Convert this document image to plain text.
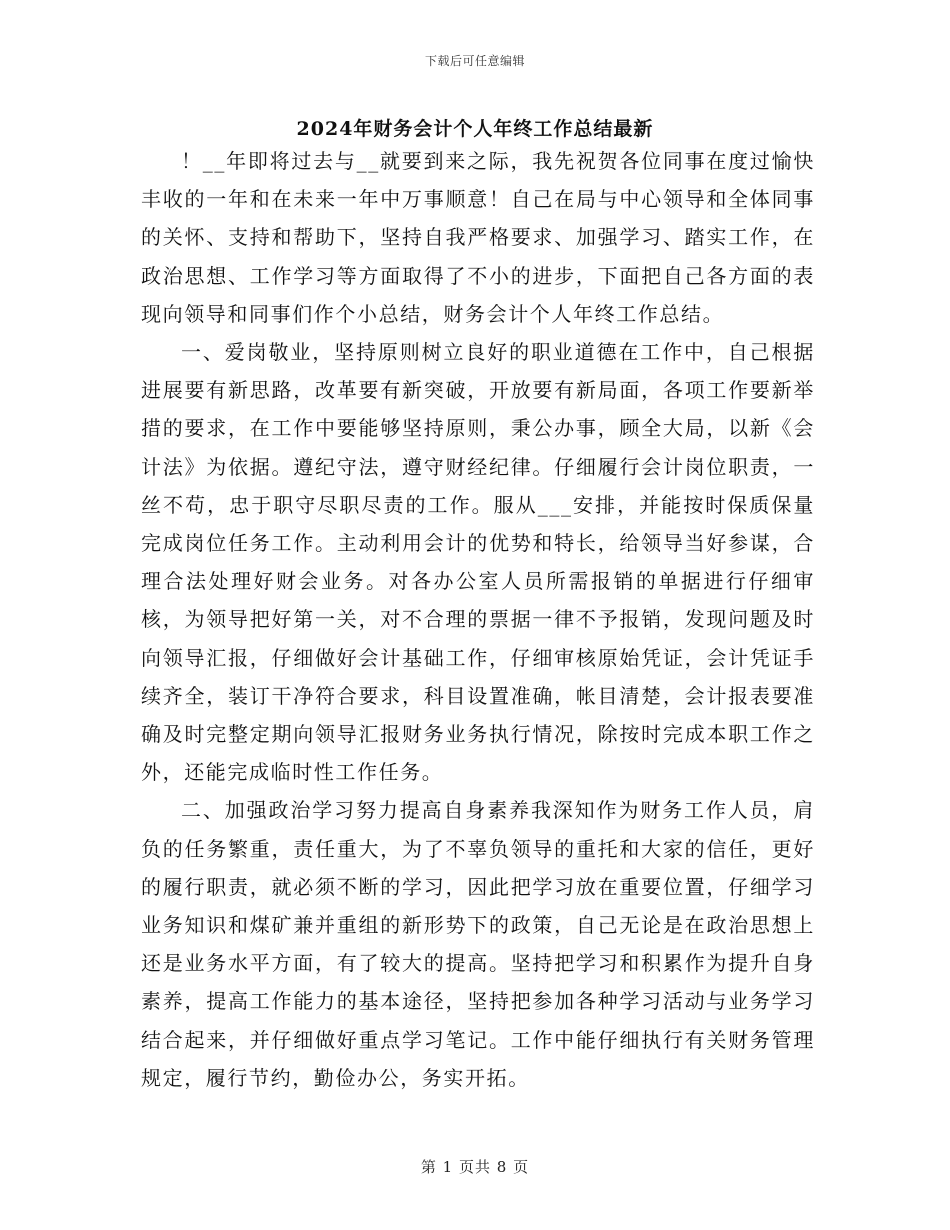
下载后可任意编辑
2024年财务会计个人年终工作总结最新

！__年即将过去与__就要到来之际，我先祝贺各位同事在度过愉快丰收的一年和在未来一年中万事顺意！自己在局与中心领导和全体同事的关怀、支持和帮助下，坚持自我严格要求、加强学习、踏实工作，在政治思想、工作学习等方面取得了不小的进步，下面把自己各方面的表现向领导和同事们作个小总结，财务会计个人年终工作总结。

一、爱岗敬业，坚持原则树立良好的职业道德在工作中，自己根据进展要有新思路，改革要有新突破，开放要有新局面，各项工作要新举措的要求，在工作中要能够坚持原则，秉公办事，顾全大局，以新《会计法》为依据。遵纪守法，遵守财经纪律。仔细履行会计岗位职责，一丝不苟，忠于职守尽职尽责的工作。服从___安排，并能按时保质保量完成岗位任务工作。主动利用会计的优势和特长，给领导当好参谋，合理合法处理好财会业务。对各办公室人员所需报销的单据进行仔细审核，为领导把好第一关，对不合理的票据一律不予报销，发现问题及时向领导汇报，仔细做好会计基础工作，仔细审核原始凭证，会计凭证手续齐全，装订干净符合要求，科目设置准确，帐目清楚，会计报表要准确及时完整定期向领导汇报财务业务执行情况，除按时完成本职工作之外，还能完成临时性工作任务。

二、加强政治学习努力提高自身素养我深知作为财务工作人员，肩负的任务繁重，责任重大，为了不辜负领导的重托和大家的信任，更好的履行职责，就必须不断的学习，因此把学习放在重要位置，仔细学习业务知识和煤矿兼并重组的新形势下的政策，自己无论是在政治思想上还是业务水平方面，有了较大的提高。坚持把学习和积累作为提升自身素养，提高工作能力的基本途径，坚持把参加各种学习活动与业务学习结合起来，并仔细做好重点学习笔记。工作中能仔细执行有关财务管理规定，履行节约，勤俭办公，务实开拓。

第 1 页共 8 页
